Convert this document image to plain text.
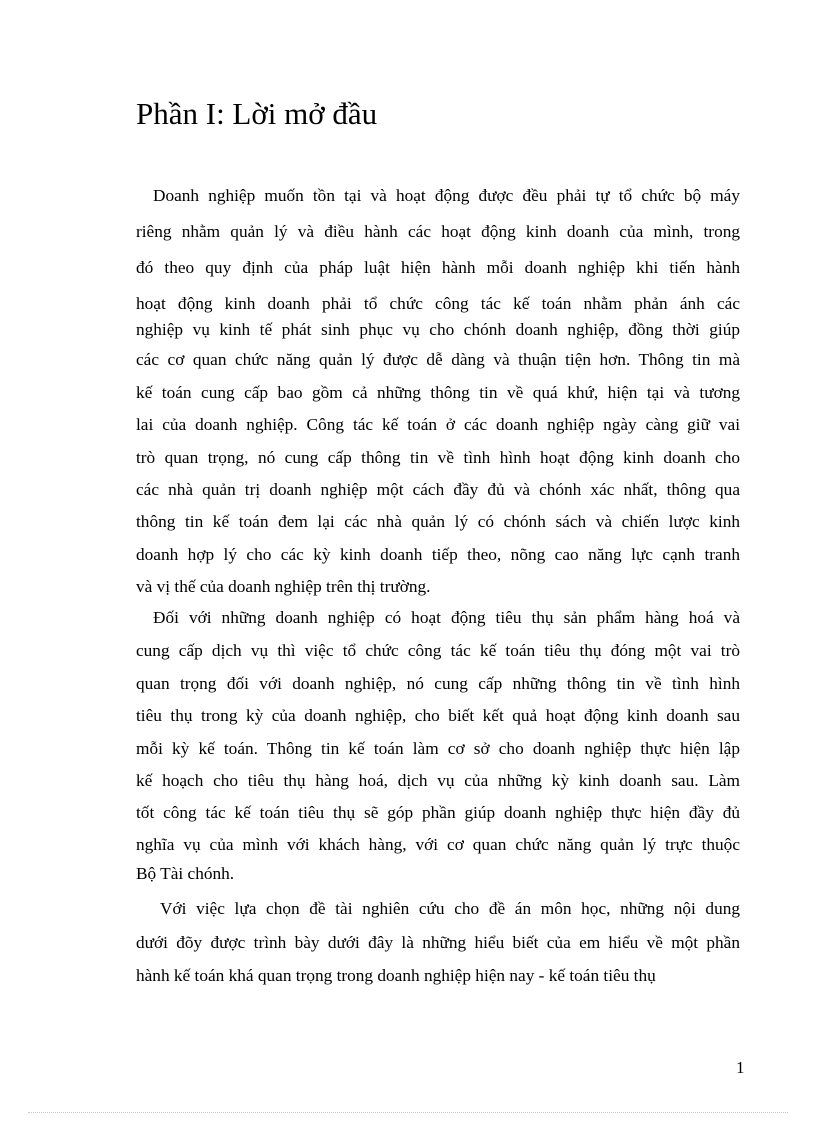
Phần I: Lời mở đầu
Doanh nghiệp muốn tồn tại và hoạt động được đều phải tự tổ chức bộ máy
riêng nhằm quản lý và điều hành các hoạt động kinh doanh của mình, trong
đó theo quy định của pháp luật hiện hành mỗi doanh nghiệp khi tiến hành
hoạt động kinh doanh phải tổ chức công tác kế toán nhằm phản ánh các
nghiệp vụ kinh tế phát sinh phục vụ cho chónh doanh nghiệp, đồng thời giúp
các cơ quan chức năng quản lý được dễ dàng và thuận tiện hơn. Thông tin mà
kế toán cung cấp bao gồm cả những thông tin về quá khứ, hiện tại và tương
lai của doanh nghiệp. Công tác kế toán ở các doanh nghiệp ngày càng giữ vai
trò quan trọng, nó cung cấp thông tin về tình hình hoạt động kinh doanh cho
các nhà quản trị doanh nghiệp một cách đầy đủ và chónh xác nhất, thông qua
thông tin kế toán đem lại các nhà quản lý có chónh sách và chiến lược kinh
doanh hợp lý cho các kỳ kinh doanh tiếp theo, nõng cao năng lực cạnh tranh
và vị thế của doanh nghiệp trên thị trường.
Đối với những doanh nghiệp có hoạt động tiêu thụ sản phẩm hàng hoá và
cung cấp dịch vụ thì việc tổ chức công tác kế toán tiêu thụ đóng một vai trò
quan trọng đối với doanh nghiệp, nó cung cấp những thông tin về tình hình
tiêu thụ trong kỳ của doanh nghiệp, cho biết kết quả hoạt động kinh doanh sau
mỗi kỳ kế toán. Thông tin kế toán làm cơ sở cho doanh nghiệp thực hiện lập
kế hoạch cho tiêu thụ hàng hoá, dịch vụ của những kỳ kinh doanh sau. Làm
tốt công tác kế toán tiêu thụ sẽ góp phần giúp doanh nghiệp thực hiện đầy đủ
nghĩa vụ của mình với khách hàng, với cơ quan chức năng quản lý trực thuộc
Bộ Tài chónh.
Với việc lựa chọn đề tài nghiên cứu cho đề án môn học, những nội dung
dưới đõy được trình bày dưới đây là những hiểu biết của em hiểu về một phần
hành kế toán khá quan trọng trong doanh nghiệp hiện nay - kế toán tiêu thụ
1
